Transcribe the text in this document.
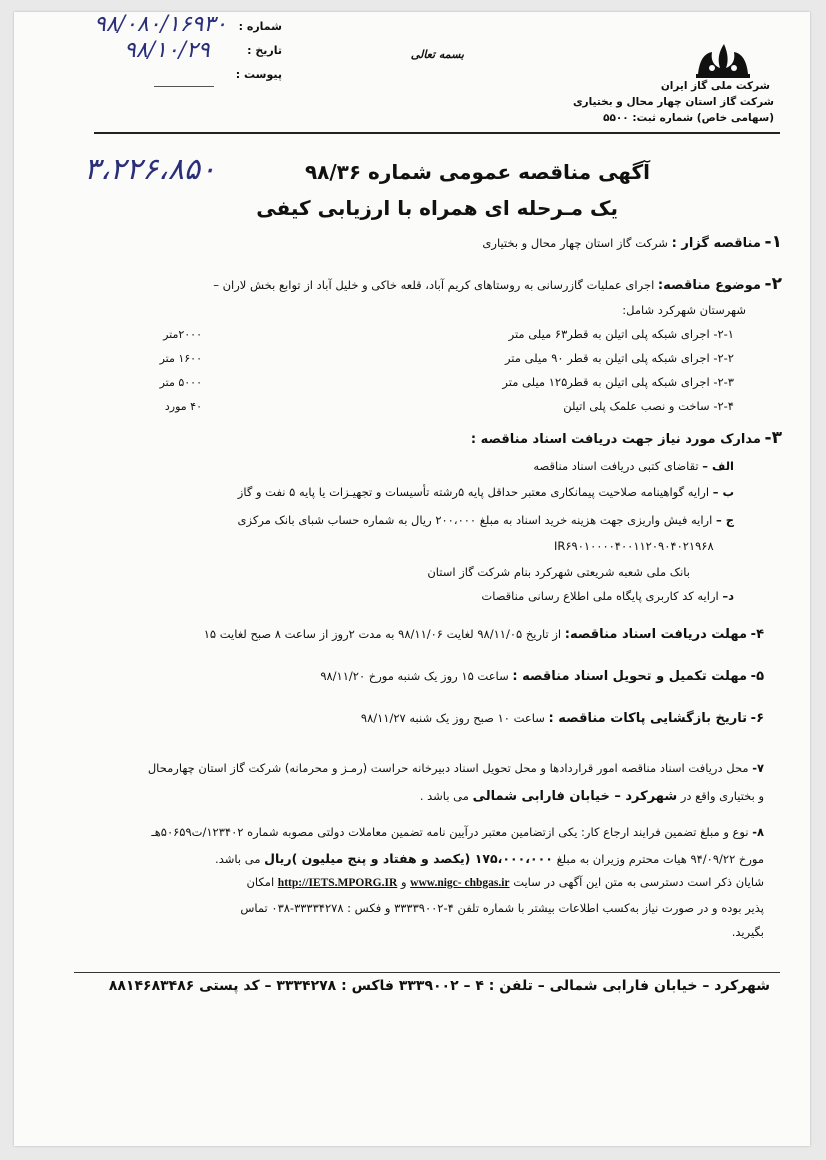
شرکت ملی گاز ایران
شرکت گاز استان چهار محال و بختیاری
(سهامی خاص) شماره ثبت: ۵۵۰۰
بسمه تعالی
شماره :
۹۸/۰۸۰/۱۶۹۳۰
تاریخ :
۹۸/۱۰/۲۹
پیوست :
۳،۲۲۶،۸۵۰	آگهی مناقصه عمومی شماره ۹۸/۳۶
یک مـرحله ای همراه با ارزیابی کیفی
۱- مناقصه گزار : شرکت گاز استان چهار محال و بختیاری
۲- موضوع مناقصه: اجرای عملیات گازرسانی به روستاهای کریم آباد، قلعه خاکی و خلیل آباد از توابع بخش لاران –
شهرستان شهرکرد شامل:
۲-۱- اجرای شبکه پلی اتیلن به قطر۶۳ میلی متر
۲۰۰۰متر
۲-۲- اجرای شبکه پلی اتیلن به قطر ۹۰ میلی متر
۱۶۰۰ متر
۲-۳- اجرای شبکه پلی اتیلن به قطر۱۲۵ میلی متر
۵۰۰۰ متر
۲-۴- ساخت و نصب علمک پلی اتیلن
۴۰ مورد
۳- مدارک مورد نیاز جهت دریافت اسناد مناقصه :
الف – تقاضای کتبی دریافت اسناد مناقصه
ب – ارایه گواهینامه صلاحیت پیمانکاری معتبر حداقل پایه ۵رشته تأسیسات و تجهیـزات یا پایه ۵ نفت و گاز
ج – ارایه فیش واریزی جهت هزینه خرید اسناد به مبلغ ۲۰۰،۰۰۰ ریال به شماره حساب شبای بانک مرکزی
IR۶۹۰۱۰۰۰۰۴۰۰۱۱۲۰۹۰۴۰۲۱۹۶۸
بانک ملی شعبه شریعتی شهرکرد بنام شرکت گاز استان
د– ارایه کد کاربری پایگاه ملی اطلاع رسانی مناقصات
۴- مهلت دریافت اسناد مناقصه: از تاریخ ۹۸/۱۱/۰۵ لغایت ۹۸/۱۱/۰۶ به مدت ۲روز از ساعت ۸ صبح لغایت ۱۵
۵- مهلت تکمیل و تحویل اسناد مناقصه : ساعت ۱۵ روز یک شنبه مورخ ۹۸/۱۱/۲۰
۶- تاریخ بازگشایی پاکات مناقصه : ساعت ۱۰ صبح روز یک شنبه ۹۸/۱۱/۲۷
۷- محل دریافت اسناد مناقصه امور قراردادها و محل تحویل اسناد دبیرخانه حراست (رمـز و محرمانه) شرکت گاز استان چهارمحال
و بختیاری واقع در شهرکرد – خیابان فارابی شمالی می باشد .
۸- نوع و مبلغ تضمین فرایند ارجاع کار: یکی ازتضامین معتبر درآیین نامه تضمین معاملات دولتی مصوبه شماره ۱۲۳۴۰۲/ت۵۰۶۵۹هـ
مورخ ۹۴/۰۹/۲۲ هیات محترم وزیران به مبلغ ۱۷۵،۰۰۰،۰۰۰ (یکصد و هفتاد و پنج میلیون )ریال می باشد.
شایان ذکر است دسترسی به متن این آگهی در سایت www.nigc- chbgas.ir و http://IETS.MPORG.IR امکان
پذیر بوده و در صورت نیاز به‌کسب اطلاعات بیشتر با شماره تلفن ۴-۳۳۳۳۹۰۰۲ و فکس : ۳۳۳۳۴۲۷۸-۰۳۸ تماس
بگیرید.
شهرکرد – خیابان فارابی شمالی – تلفن : ۴ – ۳۳۳۹۰۰۲ فاکس : ۳۳۳۴۲۷۸ – کد پستی ۸۸۱۴۶۸۳۴۸۶
